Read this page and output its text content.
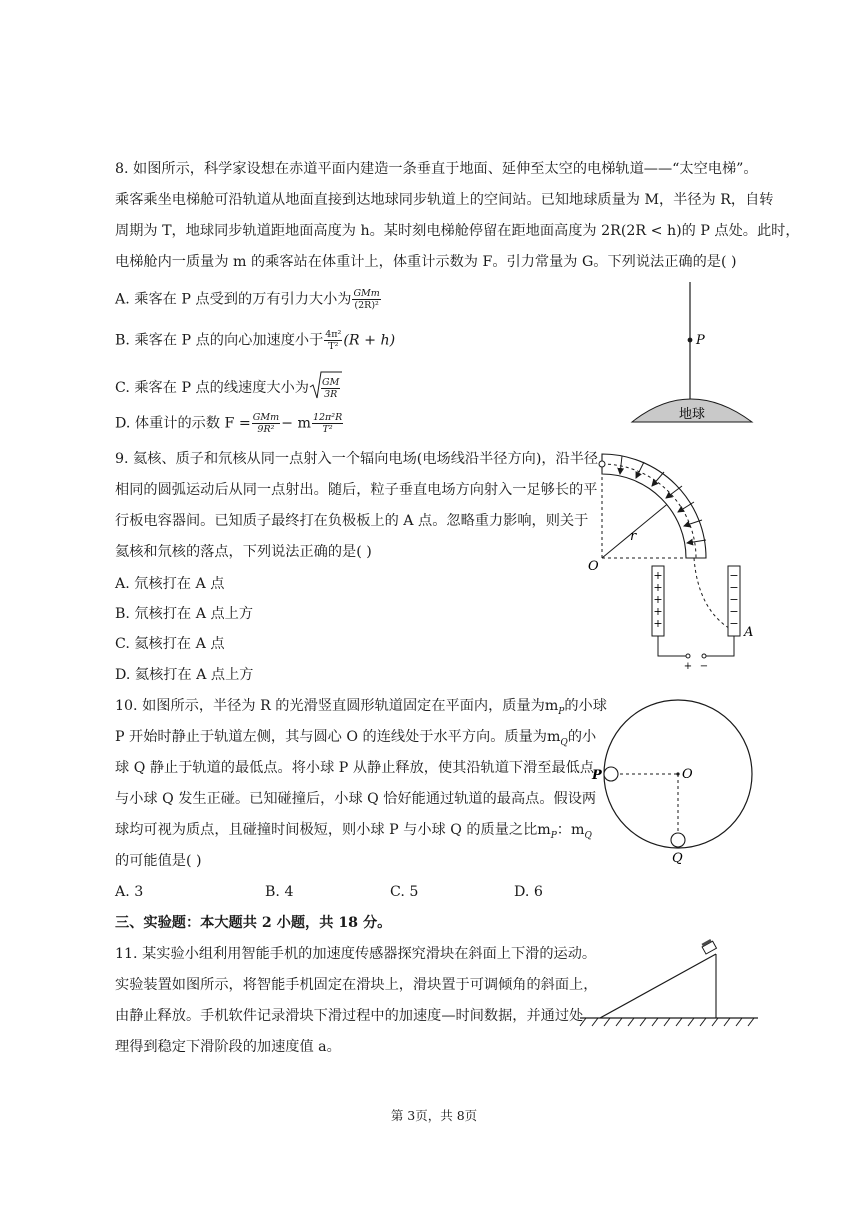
8. 如图所示，科学家设想在赤道平面内建造一条垂直于地面、延伸至太空的电梯轨道——“太空电梯”。
乘客乘坐电梯舱可沿轨道从地面直接到达地球同步轨道上的空间站。已知地球质量为 M，半径为 R，自转
周期为 T，地球同步轨道距地面高度为 h。某时刻电梯舱停留在距地面高度为 2R(2R < h)的 P 点处。此时，
电梯舱内一质量为 m 的乘客站在体重计上，体重计示数为 F。引力常量为 G。下列说法正确的是( )
A. 乘客在 P 点受到的万有引力大小为 $\frac{\text{GMm}}{\text{(2R)²}}$
B. 乘客在 P 点的向心加速度小于 $\frac{\text{4π²}}{\text{T²}} (R + h)$
C. 乘客在 P 点的线速度大小为 $\frac{GM}{3R}$
D. 体重计的示数 $F = \frac{\text{GMm}}{\text{9R²}} - m \frac{\text{12π²R}}{\text{T²}}$
P
地球
9. 氦核、质子和氘核从同一点射入一个辐向电场(电场线沿半径方向)，沿半径
相同的圆弧运动后从同一点射出。随后，粒子垂直电场方向射入一足够长的平
行板电容器间。已知质子最终打在负极板上的 A 点。忽略重力影响，则关于
氦核和氘核的落点，下列说法正确的是( )
A. 氘核打在 A 点
B. 氘核打在 A 点上方
C. 氦核打在 A 点
D. 氦核打在 A 点上方
r
O
+
+
+
+
+
−
−
−
−
−
A
+ −
10. 如图所示，半径为 R 的光滑竖直圆形轨道固定在平面内，质量为$m_P$的小球
P 开始时静止于轨道左侧，其与圆心 O 的连线处于水平方向。质量为$m_Q$的小
球 Q 静止于轨道的最低点。将小球 P 从静止释放，使其沿轨道下滑至最低点
与小球 Q 发生正碰。已知碰撞后，小球 Q 恰好能通过轨道的最高点。假设两
球均可视为质点，且碰撞时间极短，则小球 P 与小球 Q 的质量之比$m_P$：$m_Q$
的可能值是( )
A. 3	B. 4	C. 5	D. 6
P	O
Q
三、实验题：本大题共 2 小题，共 18 分。
11. 某实验小组利用智能手机的加速度传感器探究滑块在斜面上下滑的运动。
实验装置如图所示，将智能手机固定在滑块上，滑块置于可调倾角的斜面上，
由静止释放。手机软件记录滑块下滑过程中的加速度—时间数据，并通过处
理得到稳定下滑阶段的加速度值 a。
第 3页，共 8页
